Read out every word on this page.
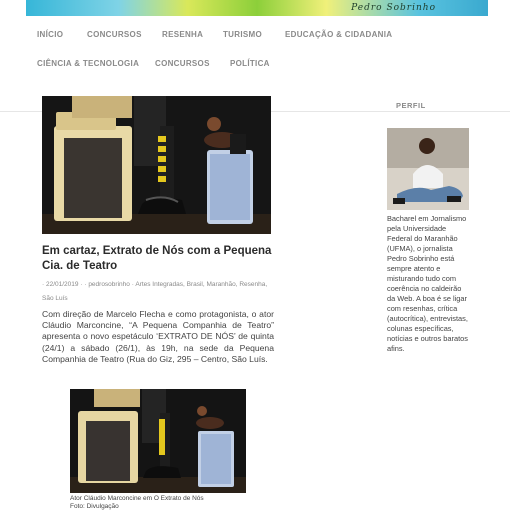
Pedro Sobrinho
INÍCIO	CONCURSOS	RESENHA TURISMO	EDUCAÇÃO & CIDADANIA
CIÊNCIA & TECNOLOGIA CONCURSOS	POLÍTICA
Em cartaz, Extrato de Nós com a Pequena Cia. de Teatro
· 22/01/2019 · · pedrosobrinho · Artes Integradas, Brasil, Maranhão, Resenha, São Luís

Com direção de Marcelo Flecha e como protagonista, o ator Cláudio Marconcine, “A Pequena Companhia de Teatro” apresenta o novo espetáculo ‘EXTRATO DE NÓS’ de quinta (24/1) a sábado (26/1), às 19h, na sede da Pequena Companhia de Teatro (Rua do Giz, 295 – Centro, São Luís.

Ator Cláudio Marconcine em O Extrato de Nós
Foto: Divulgação
PERFIL

Bacharel em Jornalismo pela Universidade Federal do Maranhão (UFMA), o jornalista Pedro Sobrinho está sempre atento e misturando tudo com coerência no caldeirão da Web. A boa é se ligar com resenhas, crítica (autocrítica), entrevistas, colunas específicas, notícias e outros baratos afins.
